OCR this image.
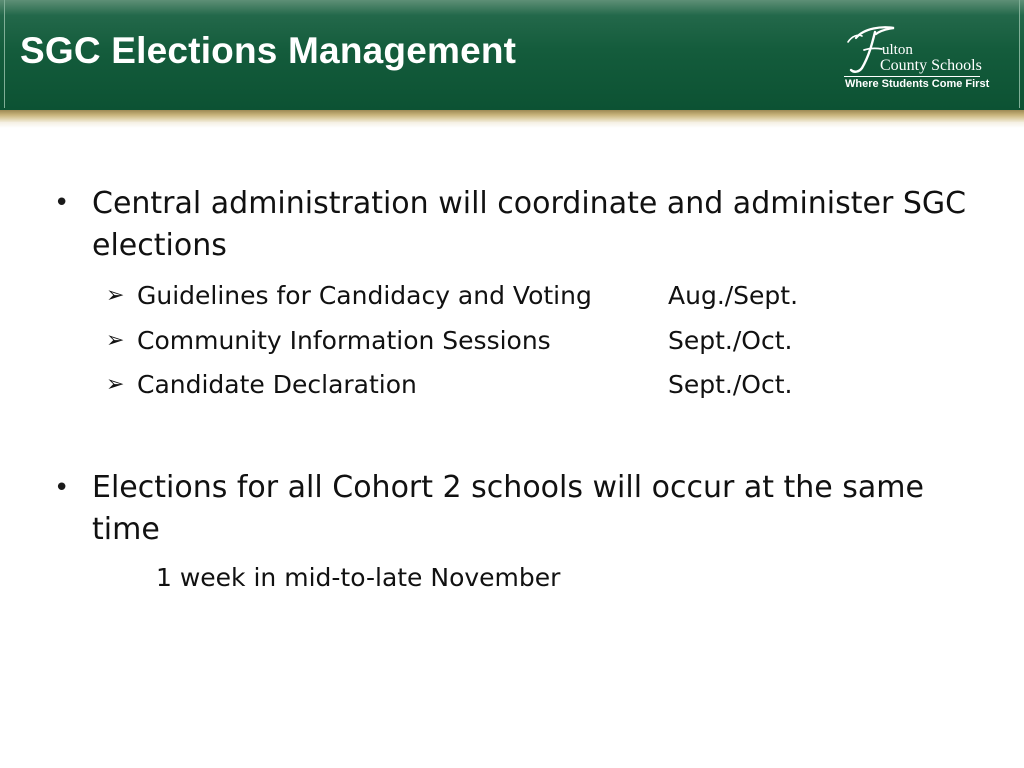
SGC Elections Management	ulton
County Schools
Where Students Come First
• Central administration will coordinate and administer SGC elections
➢ Guidelines for Candidacy and Voting	Aug./Sept.
➢ Community Information Sessions	Sept./Oct.
➢ Candidate Declaration	Sept./Oct.
• Elections for all Cohort 2 schools will occur at the same time
1 week in mid-to-late November
